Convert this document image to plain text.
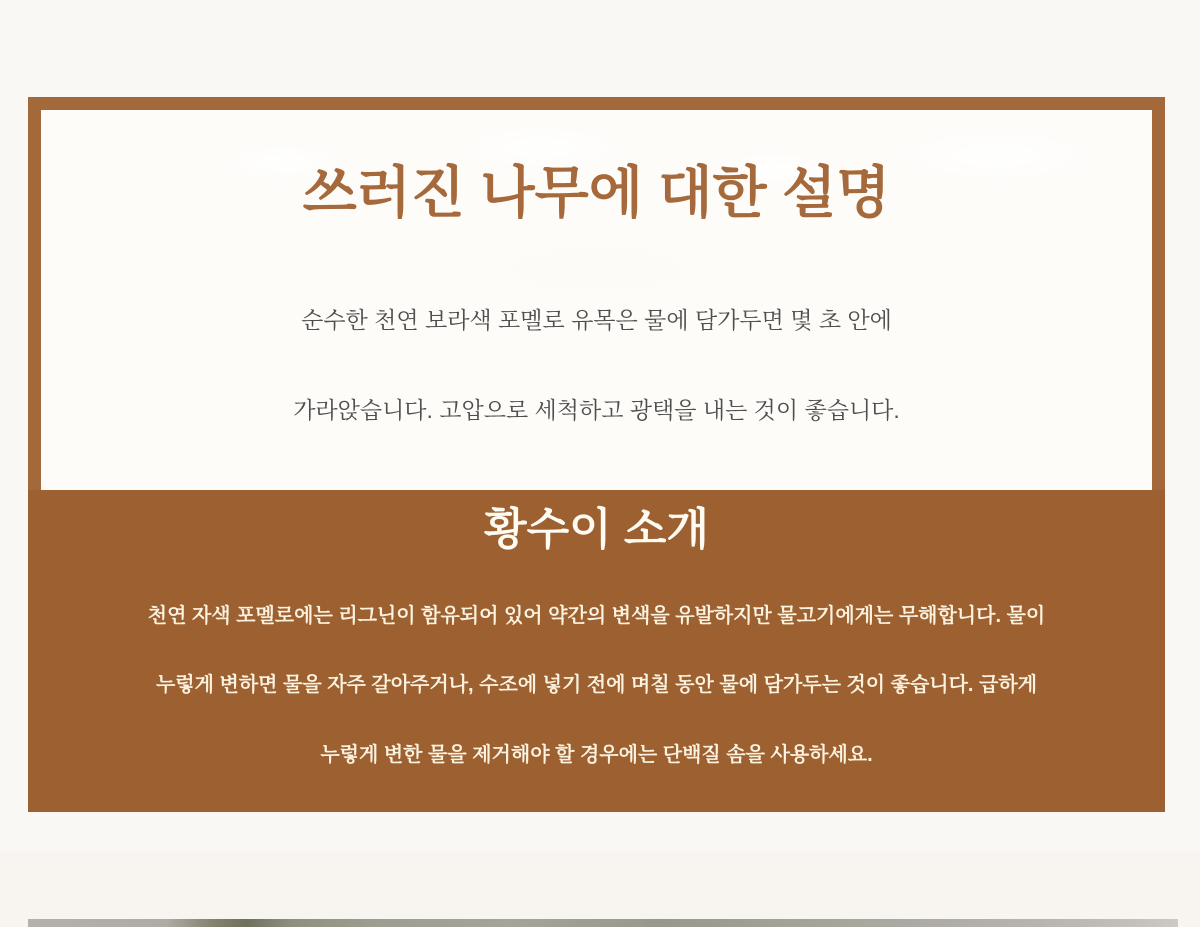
쓰러진 나무에 대한 설명

순수한 천연 보라색 포멜로 유목은 물에 담가두면 몇 초 안에

가라앉습니다. 고압으로 세척하고 광택을 내는 것이 좋습니다.

황수이 소개

천연 자색 포멜로에는 리그닌이 함유되어 있어 약간의 변색을 유발하지만 물고기에게는 무해합니다. 물이

누렇게 변하면 물을 자주 갈아주거나, 수조에 넣기 전에 며칠 동안 물에 담가두는 것이 좋습니다. 급하게

누렇게 변한 물을 제거해야 할 경우에는 단백질 솜을 사용하세요.
